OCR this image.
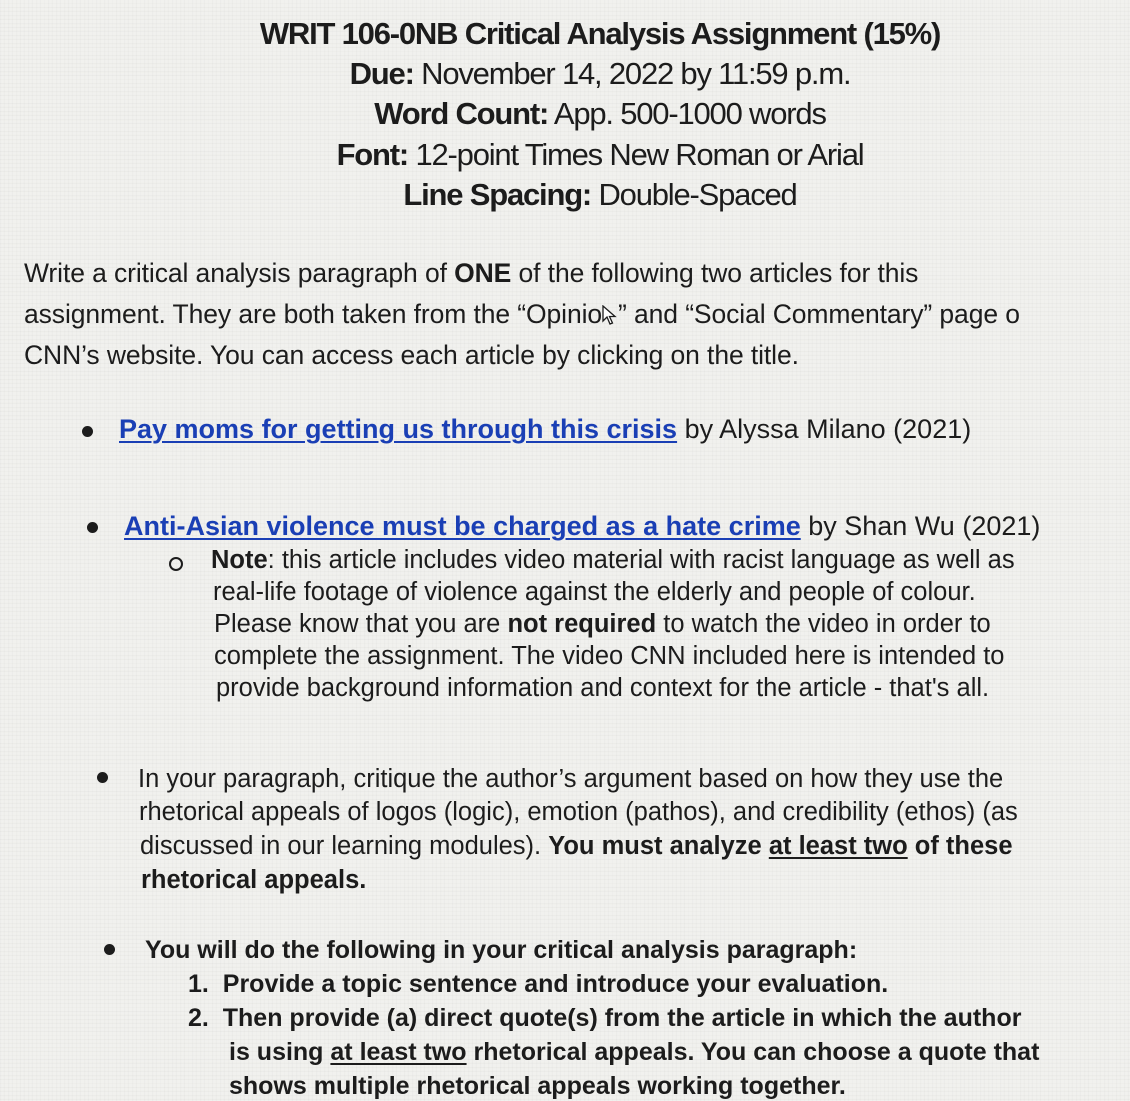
WRIT 106-0NB Critical Analysis Assignment (15%)
Due: November 14, 2022 by 11:59 p.m.
Word Count: App. 500-1000 words
Font: 12-point Times New Roman or Arial
Line Spacing: Double-Spaced
Write a critical analysis paragraph of ONE of the following two articles for this
assignment. They are both taken from the “Opinio ” and “Social Commentary” page o
CNN’s website. You can access each article by clicking on the title.
Pay moms for getting us through this crisis by Alyssa Milano (2021)
Anti-Asian violence must be charged as a hate crime by Shan Wu (2021)
Note: this article includes video material with racist language as well as
real-life footage of violence against the elderly and people of colour.
Please know that you are not required to watch the video in order to
complete the assignment. The video CNN included here is intended to
provide background information and context for the article - that's all.
In your paragraph, critique the author’s argument based on how they use the
rhetorical appeals of logos (logic), emotion (pathos), and credibility (ethos) (as
discussed in our learning modules). You must analyze at least two of these
rhetorical appeals.
You will do the following in your critical analysis paragraph:
1. Provide a topic sentence and introduce your evaluation.
2. Then provide (a) direct quote(s) from the article in which the author
is using at least two rhetorical appeals. You can choose a quote that
shows multiple rhetorical appeals working together.
